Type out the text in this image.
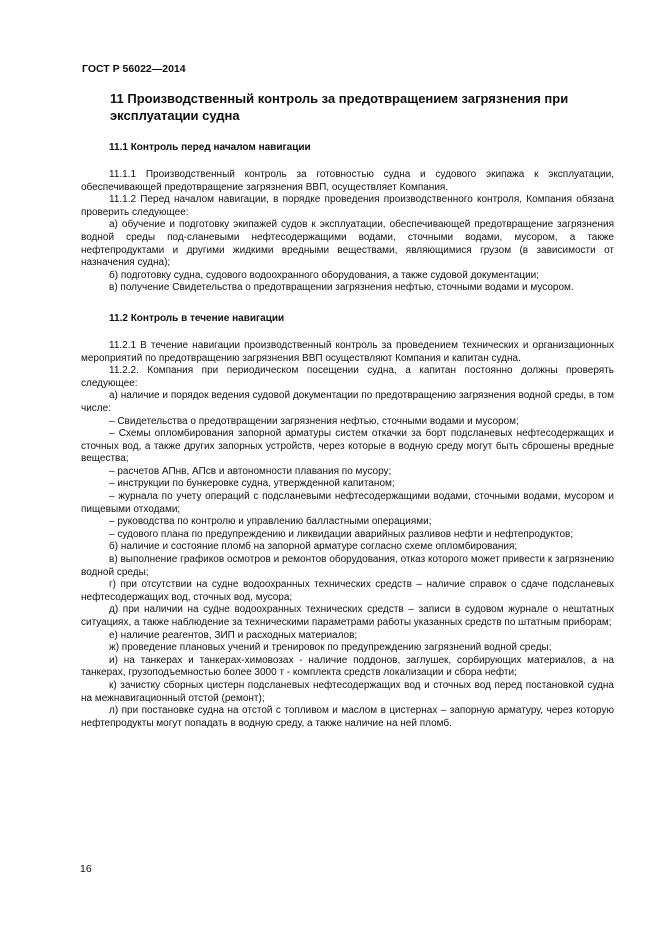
ГОСТ Р 56022—2014
11 Производственный контроль за предотвращением загрязнения при эксплуатации судна
11.1 Контроль перед началом навигации

11.1.1 Производственный контроль за готовностью судна и судового экипажа к эксплуатации, обеспечивающей предотвращение загрязнения ВВП, осуществляет Компания.

11.1.2 Перед началом навигации, в порядке проведения производственного контроля, Компания обязана проверить следующее:

а) обучение и подготовку экипажей судов к эксплуатации, обеспечивающей предотвращение загрязнения водной среды под-сланевыми нефтесодержащими водами, сточными водами, мусором, а также нефтепродуктами и другими жидкими вредными веществами, являющимися грузом (в зависимости от назначения судна);

б) подготовку судна, судового водоохранного оборудования, а также судовой документации;

в) получение Свидетельства о предотвращении загрязнения нефтью, сточными водами и мусором.

11.2 Контроль в течение навигации

11.2.1 В течение навигации производственный контроль за проведением технических и организационных мероприятий по предотвращению загрязнения ВВП осуществляют Компания и капитан судна.

11.2.2. Компания при периодическом посещении судна, а капитан постоянно должны проверять следующее:

а) наличие и порядок ведения судовой документации по предотвращению загрязнения водной среды, в том числе:

– Свидетельства о предотвращении загрязнения нефтью, сточными водами и мусором;

– Схемы опломбирования запорной арматуры систем откачки за борт подсланевых нефтесодержащих и сточных вод, а также других запорных устройств, через которые в водную среду могут быть сброшены вредные вещества;

– расчетов АПнв, АПсв и автономности плавания по мусору;

– инструкции по бункеровке судна, утвержденной капитаном;

– журнала по учету операций с подсланевыми нефтесодержащими водами, сточными водами, мусором и пищевыми отходами;

– руководства по контролю и управлению балластными операциями;

– судового плана по предупреждению и ликвидации аварийных разливов нефти и нефтепродуктов;

б) наличие и состояние пломб на запорной арматуре согласно схеме опломбирования;

в) выполнение графиков осмотров и ремонтов оборудования, отказ которого может привести к загрязнению водной среды;

г) при отсутствии на судне водоохранных технических средств – наличие справок о сдаче подсланевых нефтесодержащих вод, сточных вод, мусора;

д) при наличии на судне водоохранных технических средств – записи в судовом журнале о нештатных ситуациях, а также наблюдение за техническими параметрами работы указанных средств по штатным приборам;

е) наличие реагентов, ЗИП и расходных материалов;

ж) проведение плановых учений и тренировок по предупреждению загрязнений водной среды;

и) на танкерах и танкерах-химовозах - наличие поддонов, заглушек, сорбирующих материалов, а на танкерах, грузоподъемностью более 3000 т - комплекта средств локализации и сбора нефти;

к) зачистку сборных цистерн подсланевых нефтесодержащих вод и сточных вод перед постановкой судна на межнавигационный отстой (ремонт);

л) при постановке судна на отстой с топливом и маслом в цистернах – запорную арматуру, через которую нефтепродукты могут попадать в водную среду, а также наличие на ней пломб.

16
